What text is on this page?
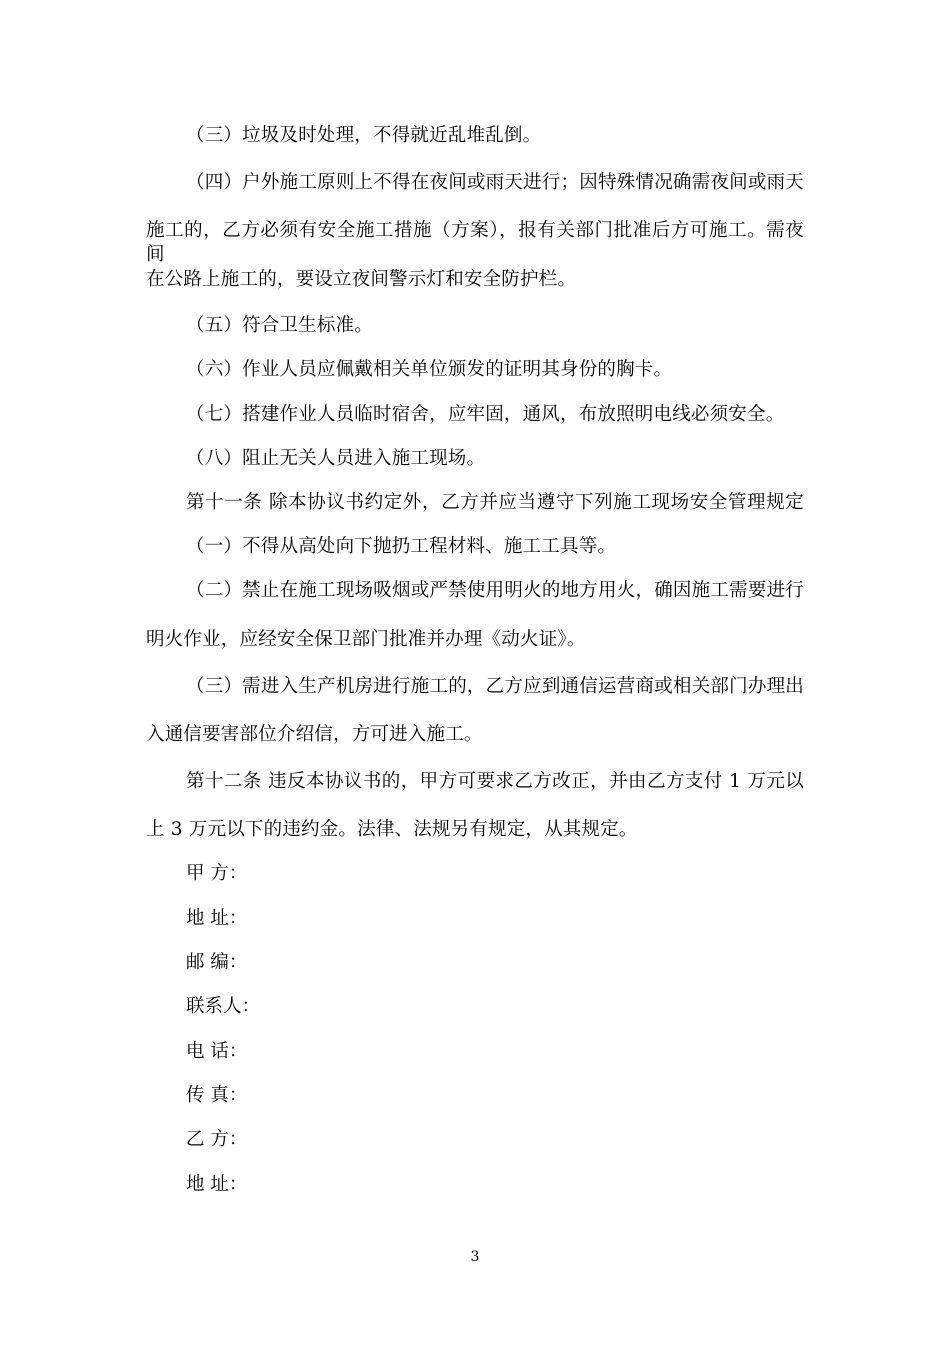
（三）垃圾及时处理，不得就近乱堆乱倒。
（四）户外施工原则上不得在夜间或雨天进行；因特殊情况确需夜间或雨天
施工的，乙方必须有安全施工措施（方案），报有关部门批准后方可施工。需夜间
在公路上施工的，要设立夜间警示灯和安全防护栏。
（五）符合卫生标准。
（六）作业人员应佩戴相关单位颁发的证明其身份的胸卡。
（七）搭建作业人员临时宿舍，应牢固，通风，布放照明电线必须安全。
（八）阻止无关人员进入施工现场。
第十一条 除本协议书约定外，乙方并应当遵守下列施工现场安全管理规定
（一）不得从高处向下抛扔工程材料、施工工具等。
（二）禁止在施工现场吸烟或严禁使用明火的地方用火，确因施工需要进行
明火作业，应经安全保卫部门批准并办理《动火证》。
（三）需进入生产机房进行施工的，乙方应到通信运营商或相关部门办理出
入通信要害部位介绍信，方可进入施工。
第十二条 违反本协议书的，甲方可要求乙方改正，并由乙方支付 1 万元以
上 3 万元以下的违约金。法律、法规另有规定，从其规定。
甲 方：
地 址：
邮 编：
联系人：
电 话：
传 真：
乙 方：
地 址：
3
